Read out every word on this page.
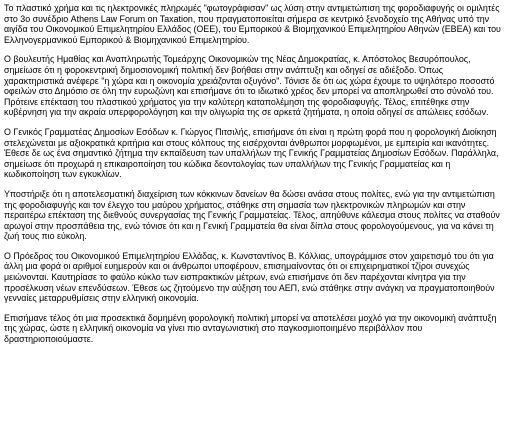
Το πλαστικό χρήμα και τις ηλεκτρονικές πληρωμές "φωτογράφισαν" ως λύση στην αντιμετώπιση της φοροδιαφυγής οι ομιλητές στο 3ο συνέδριο Athens Law Forum on Taxation, που πραγματοποιείται σήμερα σε κεντρικό ξενοδοχείο της Αθήνας υπό την αιγίδα του Οικονομικού Επιμελητηρίου Ελλάδος (ΟΕΕ), του Εμπορικού & Βιομηχανικού Επιμελητηρίου Αθηνών (ΕΒΕΑ) και του Ελληνογερμανικού Εμπορικού & Βιομηχανικού Επιμελητηρίου.

Ο βουλευτής Ημαθίας και Αναπληρωτής Τομεάρχης Οικονομικών της Νέας Δημοκρατίας, κ. Απόστολος Βεσυρόπουλος, σημείωσε ότι η φοροκεντρική δημοσιονομική πολιτική δεν βοήθαει στην ανάπτυξη και οδηγεί σε αδιέξοδο. Όπως χαρακτηριστικά ανέφερε "η χώρα και η οικονομία χρειάζονται οξυγόνο". Τόνισε δε ότι ως χώρα έχουμε το υψηλότερο ποσοστό οφειλών στο Δημόσιο σε όλη την ευρωζώνη και επισήμανε ότι το ιδιωτικό χρέος δεν μπορεί να αποπληρωθεί στο σύνολό του. Πρότεινε επέκταση του πλαστικού χρήματος για την καλύτερη καταπολέμηση της φοροδιαφυγής. Τέλος, επιτέθηκε στην κυβέρνηση για την ακραία υπερφορολόγηση και την ολιγωρία της σε αρκετά ζητήματα, η οποία οδηγεί σε απώλειες εσόδων.

Ο Γενικός Γραμματέας Δημοσίων Εσόδων κ. Γιώργος Πιτσιλής, επισήμανε ότι είναι η πρώτη φορά που η φορολογική Διοίκηση στελεχώνεται με αξιοκρατικά κριτήρια και στους κόλπους της εισέρχονται άνθρωποι μορφωμένοι, με εμπειρία και ικανότητες. Έθεσε δε ως ένα σημαντικό ζήτημα την εκπαίδευση των υπαλλήλων της Γενικής Γραμματείας Δημοσίων Εσόδων. Παράλληλα, σημείωσε ότι προχωρά η επικαιροποίηση του κώδικα δεοντολογίας των υπαλλήλων της Γενικής Γραμματείας και η κωδικοποίηση των εγκυκλίων.

Υποστήριξε ότι η αποτελεσματική διαχείριση των κόκκινων δανείων θα δώσει ανάσα στους πολίτες, ενώ για την αντιμετώπιση της φοροδιαφυγής και τον έλεγχο του μαύρου χρήματος, στάθηκε στη σημασία των ηλεκτρονικών πληρωμών και στην περαιτέρω επέκταση της διεθνούς συνεργασίας της Γενικής Γραμματείας. Τέλος, απηύθυνε κάλεσμα στους πολίτες να σταθούν αρωγοί στην προσπάθεια της, ενώ τόνισε ότι και η Γενική Γραμματεία θα είναι δίπλα στους φορολογούμενους, για να κάνει τη ζωή τους πιο εύκολη.

Ο Πρόεδρος του Οικονομικού Επιμελητηρίου Ελλάδας, κ. Κωνσταντίνος Β. Κόλλιας, υπογράμμισε στον χαιρετισμό του ότι για άλλη μια φορά οι αριθμοί ευημερούν και οι άνθρωποι υποφέρουν, επισημαίνοντας ότι οι επιχειρηματικοί τζίροι συνεχώς μειώνονται. Καυτηρίασε το φαύλο κύκλο των εισπρακτικών μέτρων, ενώ επισήμανε ότι δεν παρέχονται κίνητρα για την προσέλκυση νέων επενδύσεων. Έθεσε ως ζητούμενο την αύξηση του ΑΕΠ, ενώ στάθηκε στην ανάγκη να πραγματοποιηθούν γενναίες μεταρρυθμίσεις στην ελληνική οικονομία.

Επισήμανε τέλος ότι μια προσεκτικά δομημένη φορολογική πολιτική μπορεί να αποτελέσει μοχλό για την οικονομική ανάπτυξη της χώρας, ώστε η ελληνική οικονομία να γίνει πιο ανταγωνιστική στο παγκοσμιοποιημένο περιβάλλον που δραστηριοποιούμαστε.
